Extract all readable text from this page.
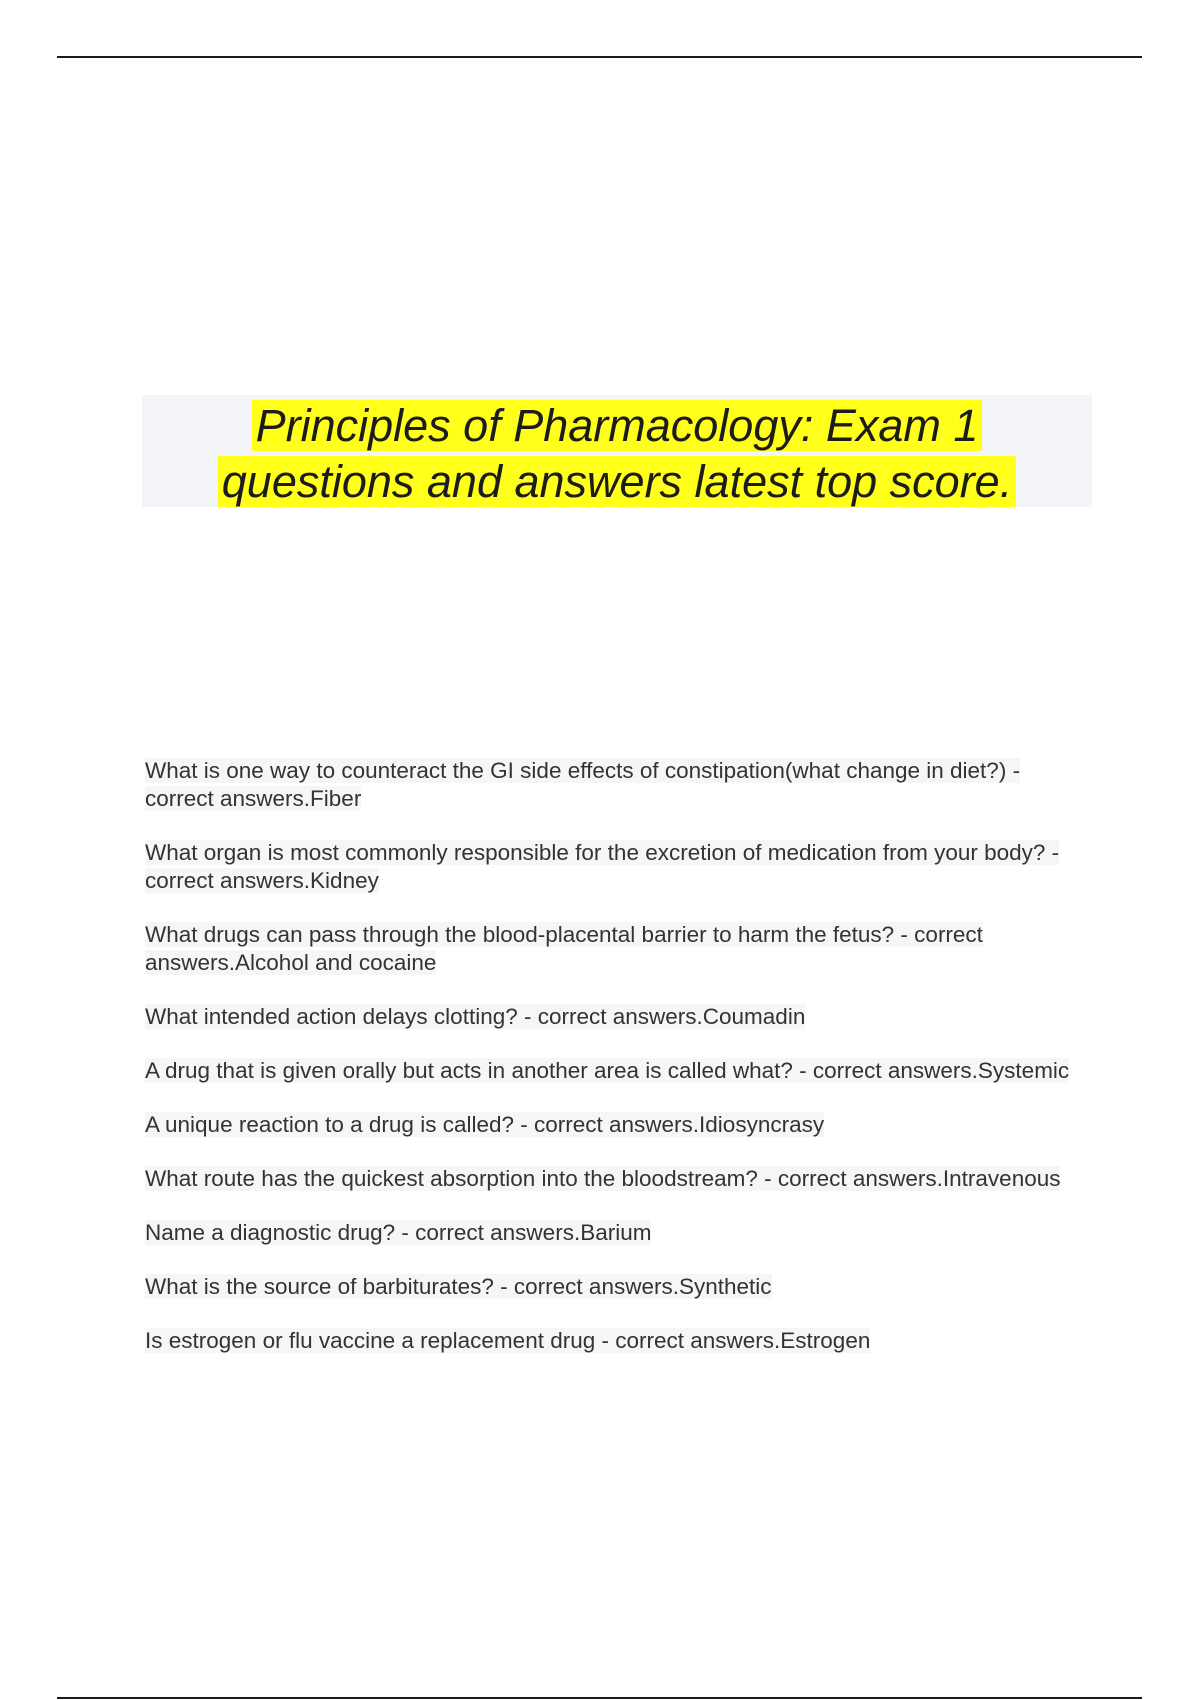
Principles of Pharmacology: Exam 1
questions and answers latest top score.
What is one way to counteract the GI side effects of constipation(what change in diet?) - correct answers.Fiber
What organ is most commonly responsible for the excretion of medication from your body? - correct answers.Kidney
What drugs can pass through the blood-placental barrier to harm the fetus? - correct answers.Alcohol and cocaine
What intended action delays clotting? - correct answers.Coumadin
A drug that is given orally but acts in another area is called what? - correct answers.Systemic
A unique reaction to a drug is called? - correct answers.Idiosyncrasy
What route has the quickest absorption into the bloodstream? - correct answers.Intravenous
Name a diagnostic drug? - correct answers.Barium
What is the source of barbiturates? - correct answers.Synthetic
Is estrogen or flu vaccine a replacement drug - correct answers.Estrogen
